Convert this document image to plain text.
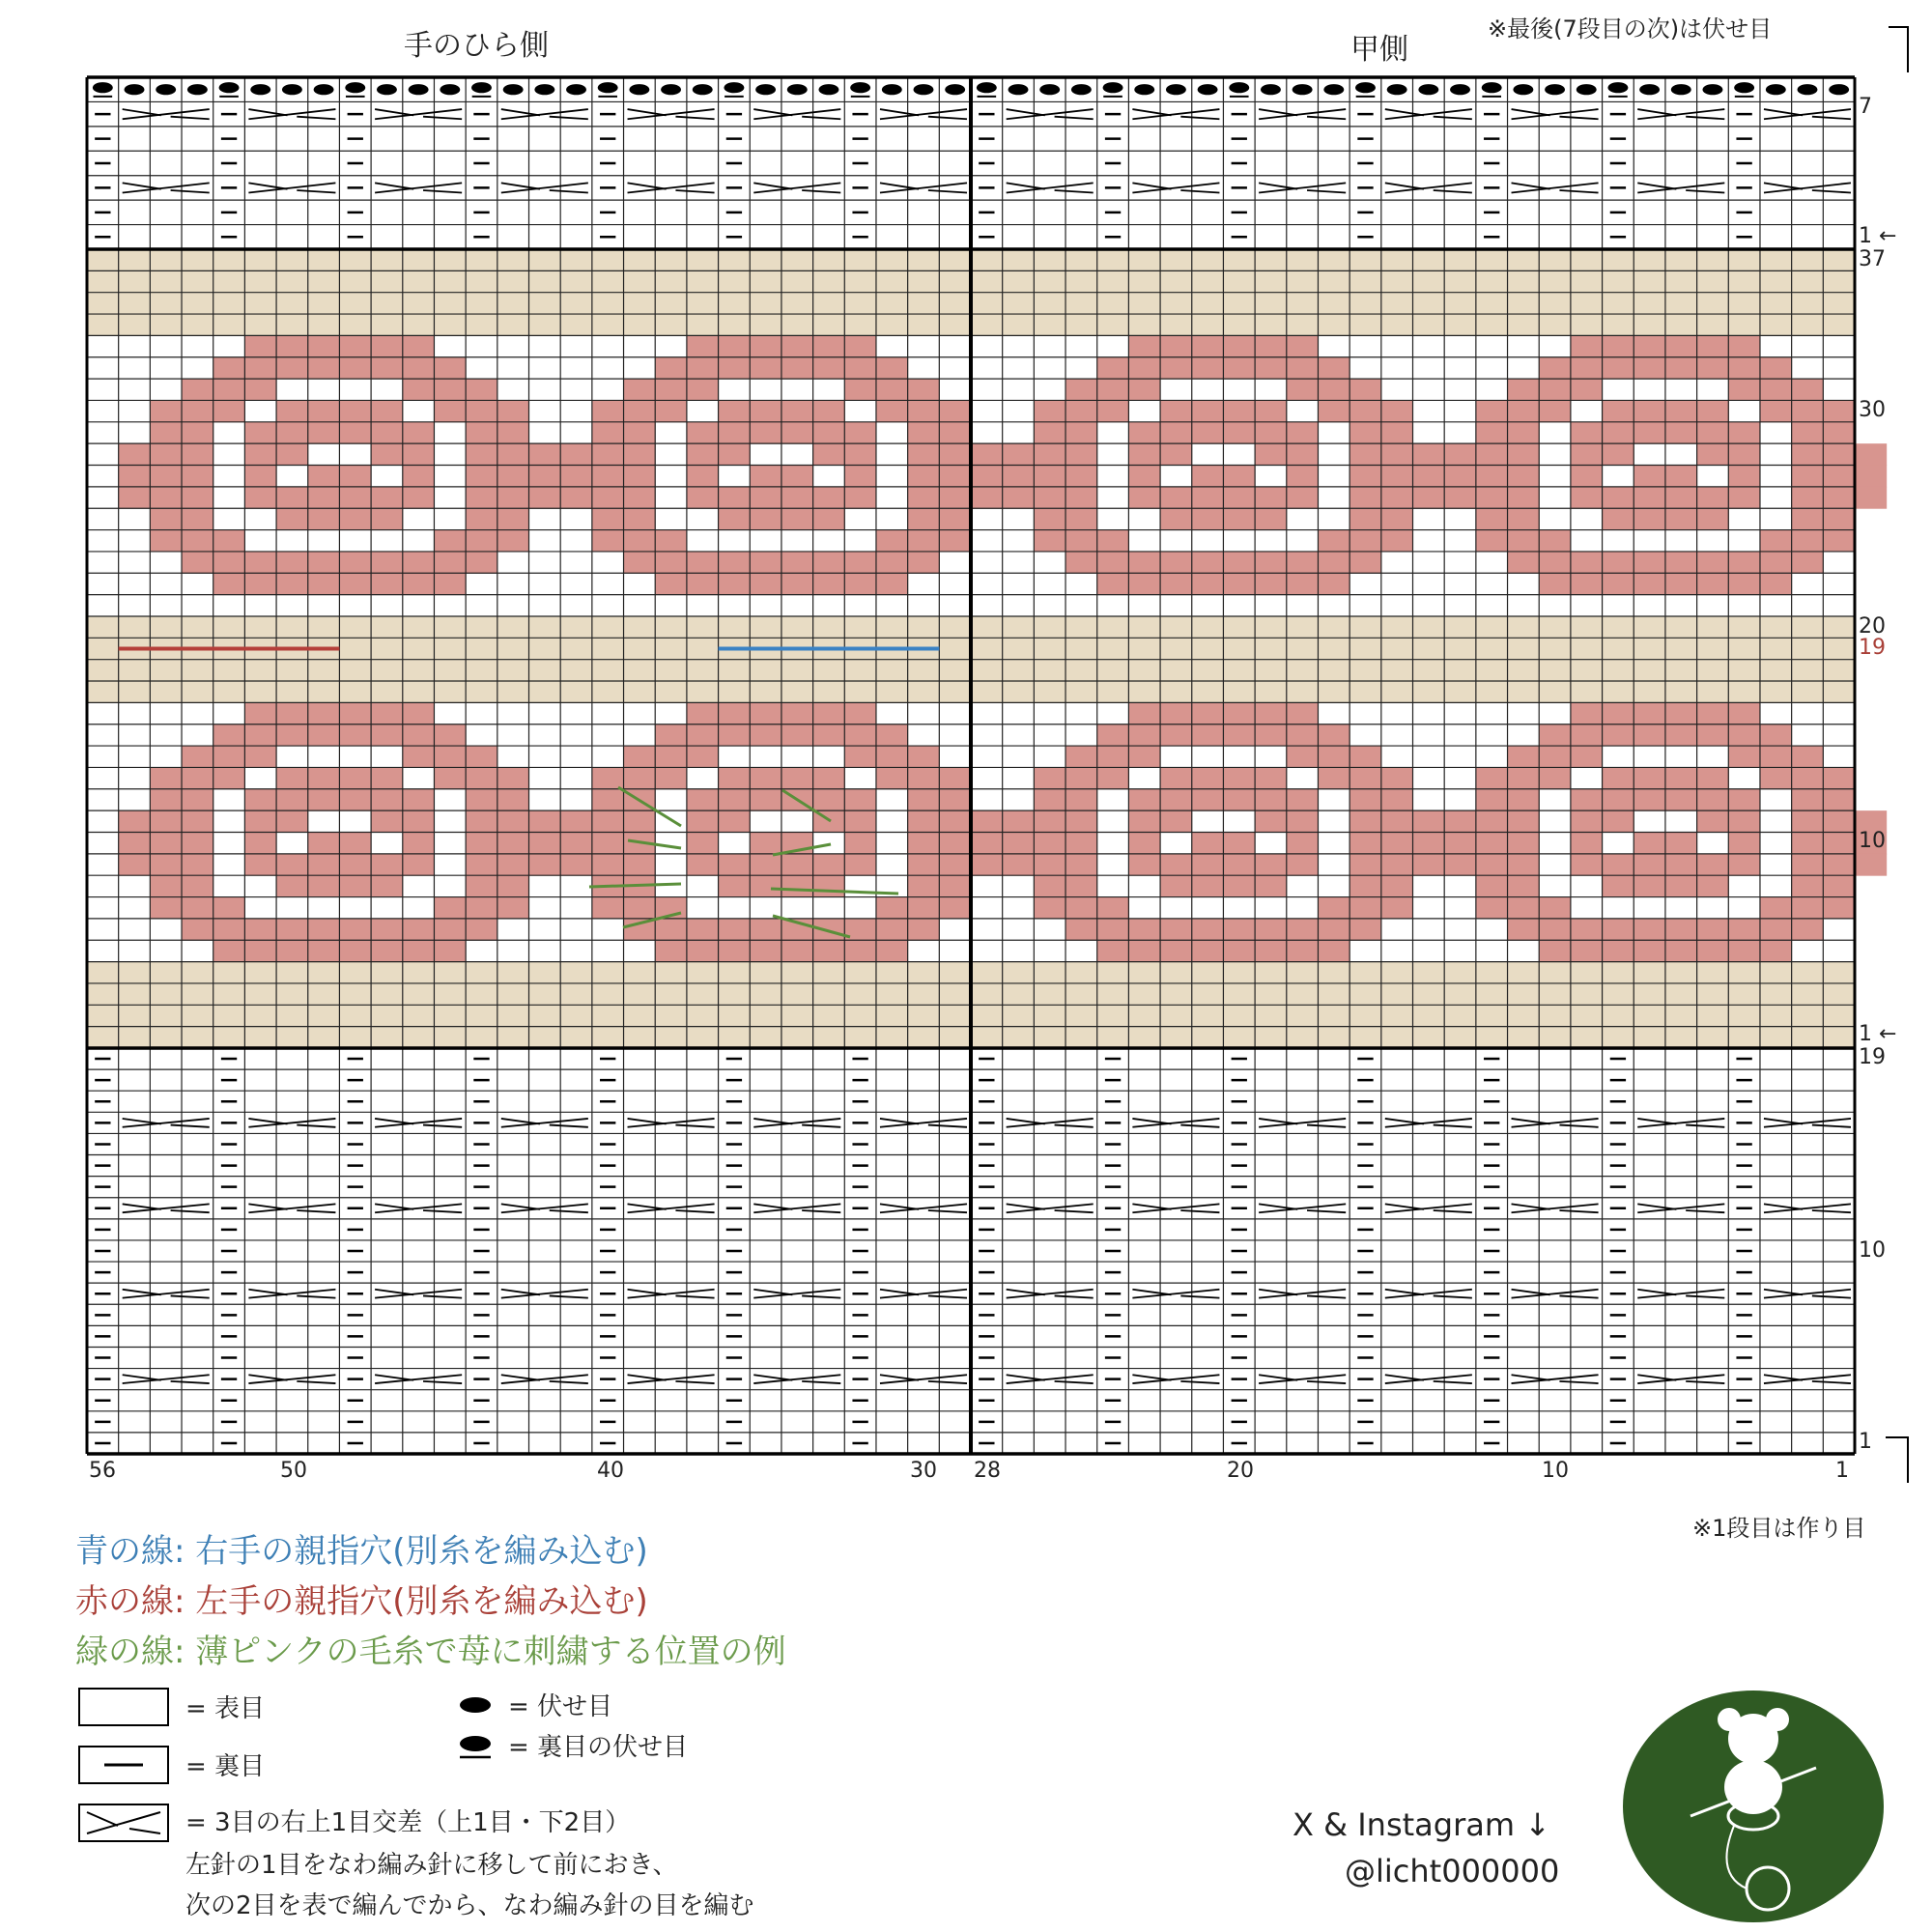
手のひら側	甲側
※最後(7段目の次)は伏せ目
※1段目は作り目
7
1 ←
37
30
20
19
10
1 ←
19
10
1
56	50	40	30 28	20	10	1
青の線: 右手の親指穴(別糸を編み込む)
赤の線: 左手の親指穴(別糸を編み込む)
緑の線: 薄ピンクの毛糸で苺に刺繍する位置の例
= 表目
= 裏目
= 伏せ目
= 裏目の伏せ目
= 3目の右上1目交差（上1目・下2目）
左針の1目をなわ編み針に移して前におき、
次の2目を表で編んでから、なわ編み針の目を編む
X & Instagram ↓
@licht000000
